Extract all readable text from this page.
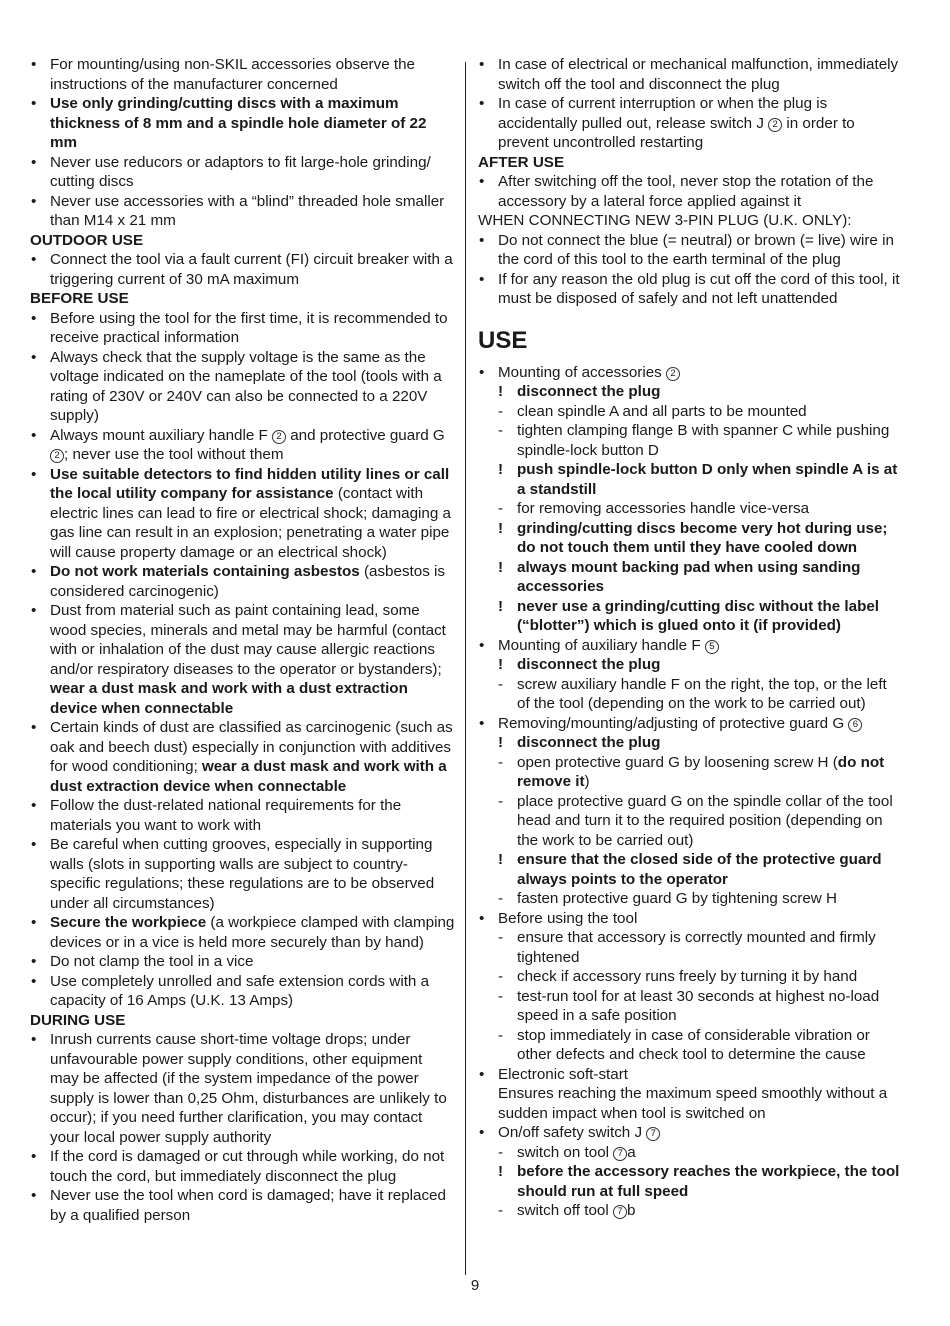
• For mounting/using non-SKIL accessories observe the instructions of the manufacturer concerned
• Use only grinding/cutting discs with a maximum thickness of 8 mm and a spindle hole diameter of 22 mm
• Never use reducors or adaptors to fit large-hole grinding/ cutting discs
• Never use accessories with a “blind” threaded hole smaller than M14 x 21 mm
OUTDOOR USE
• Connect the tool via a fault current (FI) circuit breaker with a triggering current of 30 mA maximum
BEFORE USE
• Before using the tool for the first time, it is recommended to receive practical information
• Always check that the supply voltage is the same as the voltage indicated on the nameplate of the tool (tools with a rating of 230V or 240V can also be connected to a 220V supply)
• Always mount auxiliary handle F 2 and protective guard G 2 ; never use the tool without them
• Use suitable detectors to find hidden utility lines or call the local utility company for assistance (contact with electric lines can lead to fire or electrical shock; damaging a gas line can result in an explosion; penetrating a water pipe will cause property damage or an electrical shock)
• Do not work materials containing asbestos (asbestos is considered carcinogenic)
• Dust from material such as paint containing lead, some wood species, minerals and metal may be harmful (contact with or inhalation of the dust may cause allergic reactions and/or respiratory diseases to the operator or bystanders); wear a dust mask and work with a dust extraction device when connectable
• Certain kinds of dust are classified as carcinogenic (such as oak and beech dust) especially in conjunction with additives for wood conditioning; wear a dust mask and work with a dust extraction device when connectable
• Follow the dust-related national requirements for the materials you want to work with
• Be careful when cutting grooves, especially in supporting walls (slots in supporting walls are subject to country-specific regulations; these regulations are to be observed under all circumstances)
• Secure the workpiece (a workpiece clamped with clamping devices or in a vice is held more securely than by hand)
• Do not clamp the tool in a vice
• Use completely unrolled and safe extension cords with a capacity of 16 Amps (U.K. 13 Amps)
DURING USE
• Inrush currents cause short-time voltage drops; under unfavourable power supply conditions, other equipment may be affected (if the system impedance of the power supply is lower than 0,25 Ohm, disturbances are unlikely to occur); if you need further clarification, you may contact your local power supply authority
• If the cord is damaged or cut through while working, do not touch the cord, but immediately disconnect the plug
• Never use the tool when cord is damaged; have it replaced by a qualified person
• In case of electrical or mechanical malfunction, immediately switch off the tool and disconnect the plug
• In case of current interruption or when the plug is accidentally pulled out, release switch J 2 in order to prevent uncontrolled restarting
AFTER USE
• After switching off the tool, never stop the rotation of the accessory by a lateral force applied against it
WHEN CONNECTING NEW 3-PIN PLUG (U.K. ONLY):
• Do not connect the blue (= neutral) or brown (= live) wire in the cord of this tool to the earth terminal of the plug
• If for any reason the old plug is cut off the cord of this tool, it must be disposed of safely and not left unattended
USE
• Mounting of accessories 2
! disconnect the plug
- clean spindle A and all parts to be mounted
- tighten clamping flange B with spanner C while pushing spindle-lock button D
! push spindle-lock button D only when spindle A is at a standstill
- for removing accessories handle vice-versa
! grinding/cutting discs become very hot during use; do not touch them until they have cooled down
! always mount backing pad when using sanding accessories
! never use a grinding/cutting disc without the label (“blotter”) which is glued onto it (if provided)
• Mounting of auxiliary handle F 5
! disconnect the plug
- screw auxiliary handle F on the right, the top, or the left of the tool (depending on the work to be carried out)
• Removing/mounting/adjusting of protective guard G 6
! disconnect the plug
- open protective guard G by loosening screw H (do not remove it)
- place protective guard G on the spindle collar of the tool head and turn it to the required position (depending on the work to be carried out)
! ensure that the closed side of the protective guard always points to the operator
- fasten protective guard G by tightening screw H
• Before using the tool
- ensure that accessory is correctly mounted and firmly tightened
- check if accessory runs freely by turning it by hand
- test-run tool for at least 30 seconds at highest no-load speed in a safe position
- stop immediately in case of considerable vibration or other defects and check tool to determine the cause
• Electronic soft-start
Ensures reaching the maximum speed smoothly without a sudden impact when tool is switched on
• On/off safety switch J 7
- switch on tool 7 a
! before the accessory reaches the workpiece, the tool should run at full speed
- switch off tool 7 b
9
